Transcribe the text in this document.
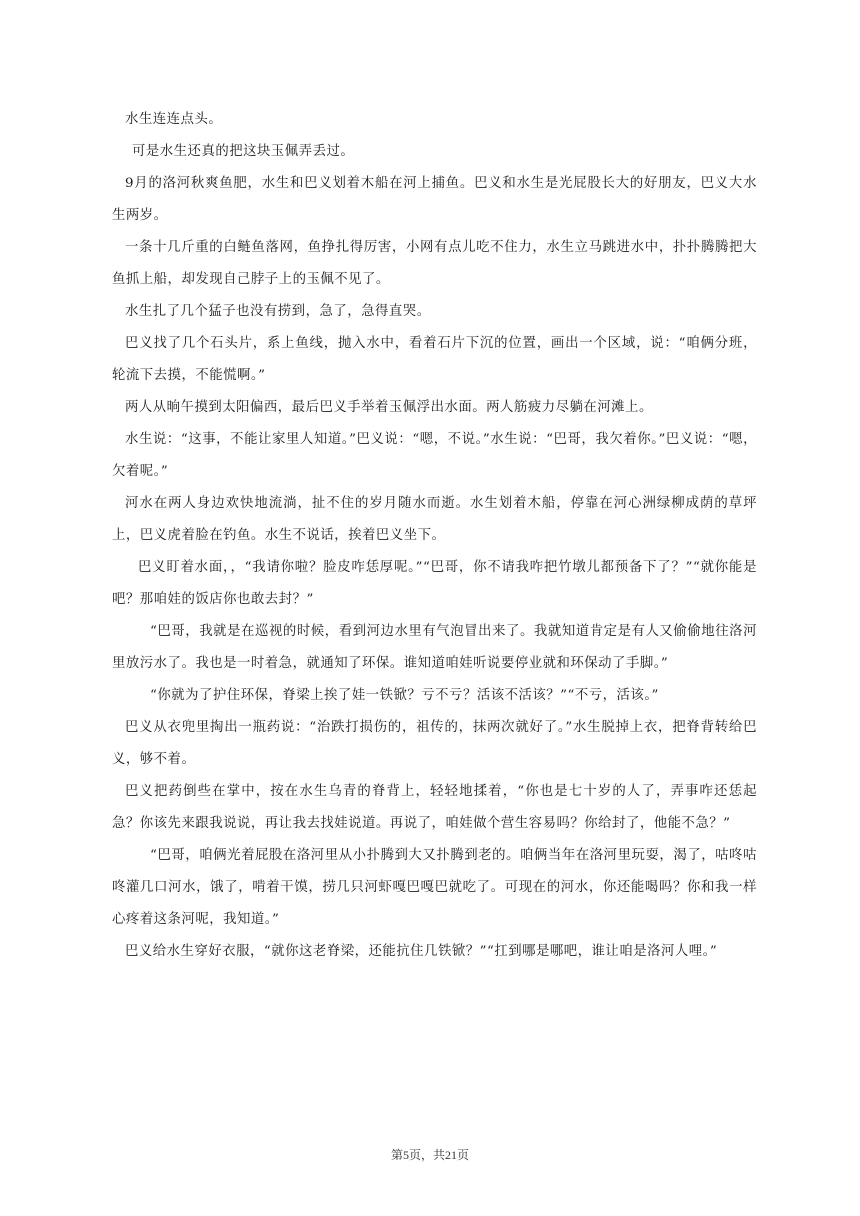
水生连连点头。

可是水生还真的把这块玉佩弄丢过。

9月的洛河秋爽鱼肥，水生和巴义划着木船在河上捕鱼。巴义和水生是光屁股长大的好朋友，巴义大水生两岁。

一条十几斤重的白鲢鱼落网，鱼挣扎得厉害，小网有点儿吃不住力，水生立马跳进水中，扑扑腾腾把大鱼抓上船，却发现自己脖子上的玉佩不见了。

水生扎了几个猛子也没有捞到，急了，急得直哭。

巴义找了几个石头片，系上鱼线，抛入水中，看着石片下沉的位置，画出一个区域，说：“咱俩分班，轮流下去摸，不能慌啊。”

两人从晌午摸到太阳偏西，最后巴义手举着玉佩浮出水面。两人筋疲力尽躺在河滩上。

水生说：“这事，不能让家里人知道。”巴义说：“嗯，不说。”水生说：“巴哥，我欠着你。”巴义说：“嗯，欠着呢。”

河水在两人身边欢快地流淌，扯不住的岁月随水而逝。水生划着木船，停靠在河心洲绿柳成荫的草坪上，巴义虎着脸在钓鱼。水生不说话，挨着巴义坐下。

巴义盯着水面，，“我请你啦？脸皮咋恁厚呢。”“巴哥，你不请我咋把竹墩儿都预备下了？”“就你能是吧？那咱娃的饭店你也敢去封？”

“巴哥，我就是在巡视的时候，看到河边水里有气泡冒出来了。我就知道肯定是有人又偷偷地往洛河里放污水了。我也是一时着急，就通知了环保。谁知道咱娃听说要停业就和环保动了手脚。”

“你就为了护住环保，脊梁上挨了娃一铁锨？亏不亏？活该不活该？”“不亏，活该。”

巴义从衣兜里掏出一瓶药说：“治跌打损伤的，祖传的，抹两次就好了。”水生脱掉上衣，把脊背转给巴义，够不着。

巴义把药倒些在掌中，按在水生乌青的脊背上，轻轻地揉着，“你也是七十岁的人了，弄事咋还恁起急？你该先来跟我说说，再让我去找娃说道。再说了，咱娃做个营生容易吗？你给封了，他能不急？”

“巴哥，咱俩光着屁股在洛河里从小扑腾到大又扑腾到老的。咱俩当年在洛河里玩耍，渴了，咕咚咕咚灌几口河水，饿了，啃着干馍，捞几只河虾嘎巴嘎巴就吃了。可现在的河水，你还能喝吗？你和我一样心疼着这条河呢，我知道。”

巴义给水生穿好衣服，“就你这老脊梁，还能抗住几铁锨？”“扛到哪是哪吧，谁让咱是洛河人哩。”

第5页，共21页
